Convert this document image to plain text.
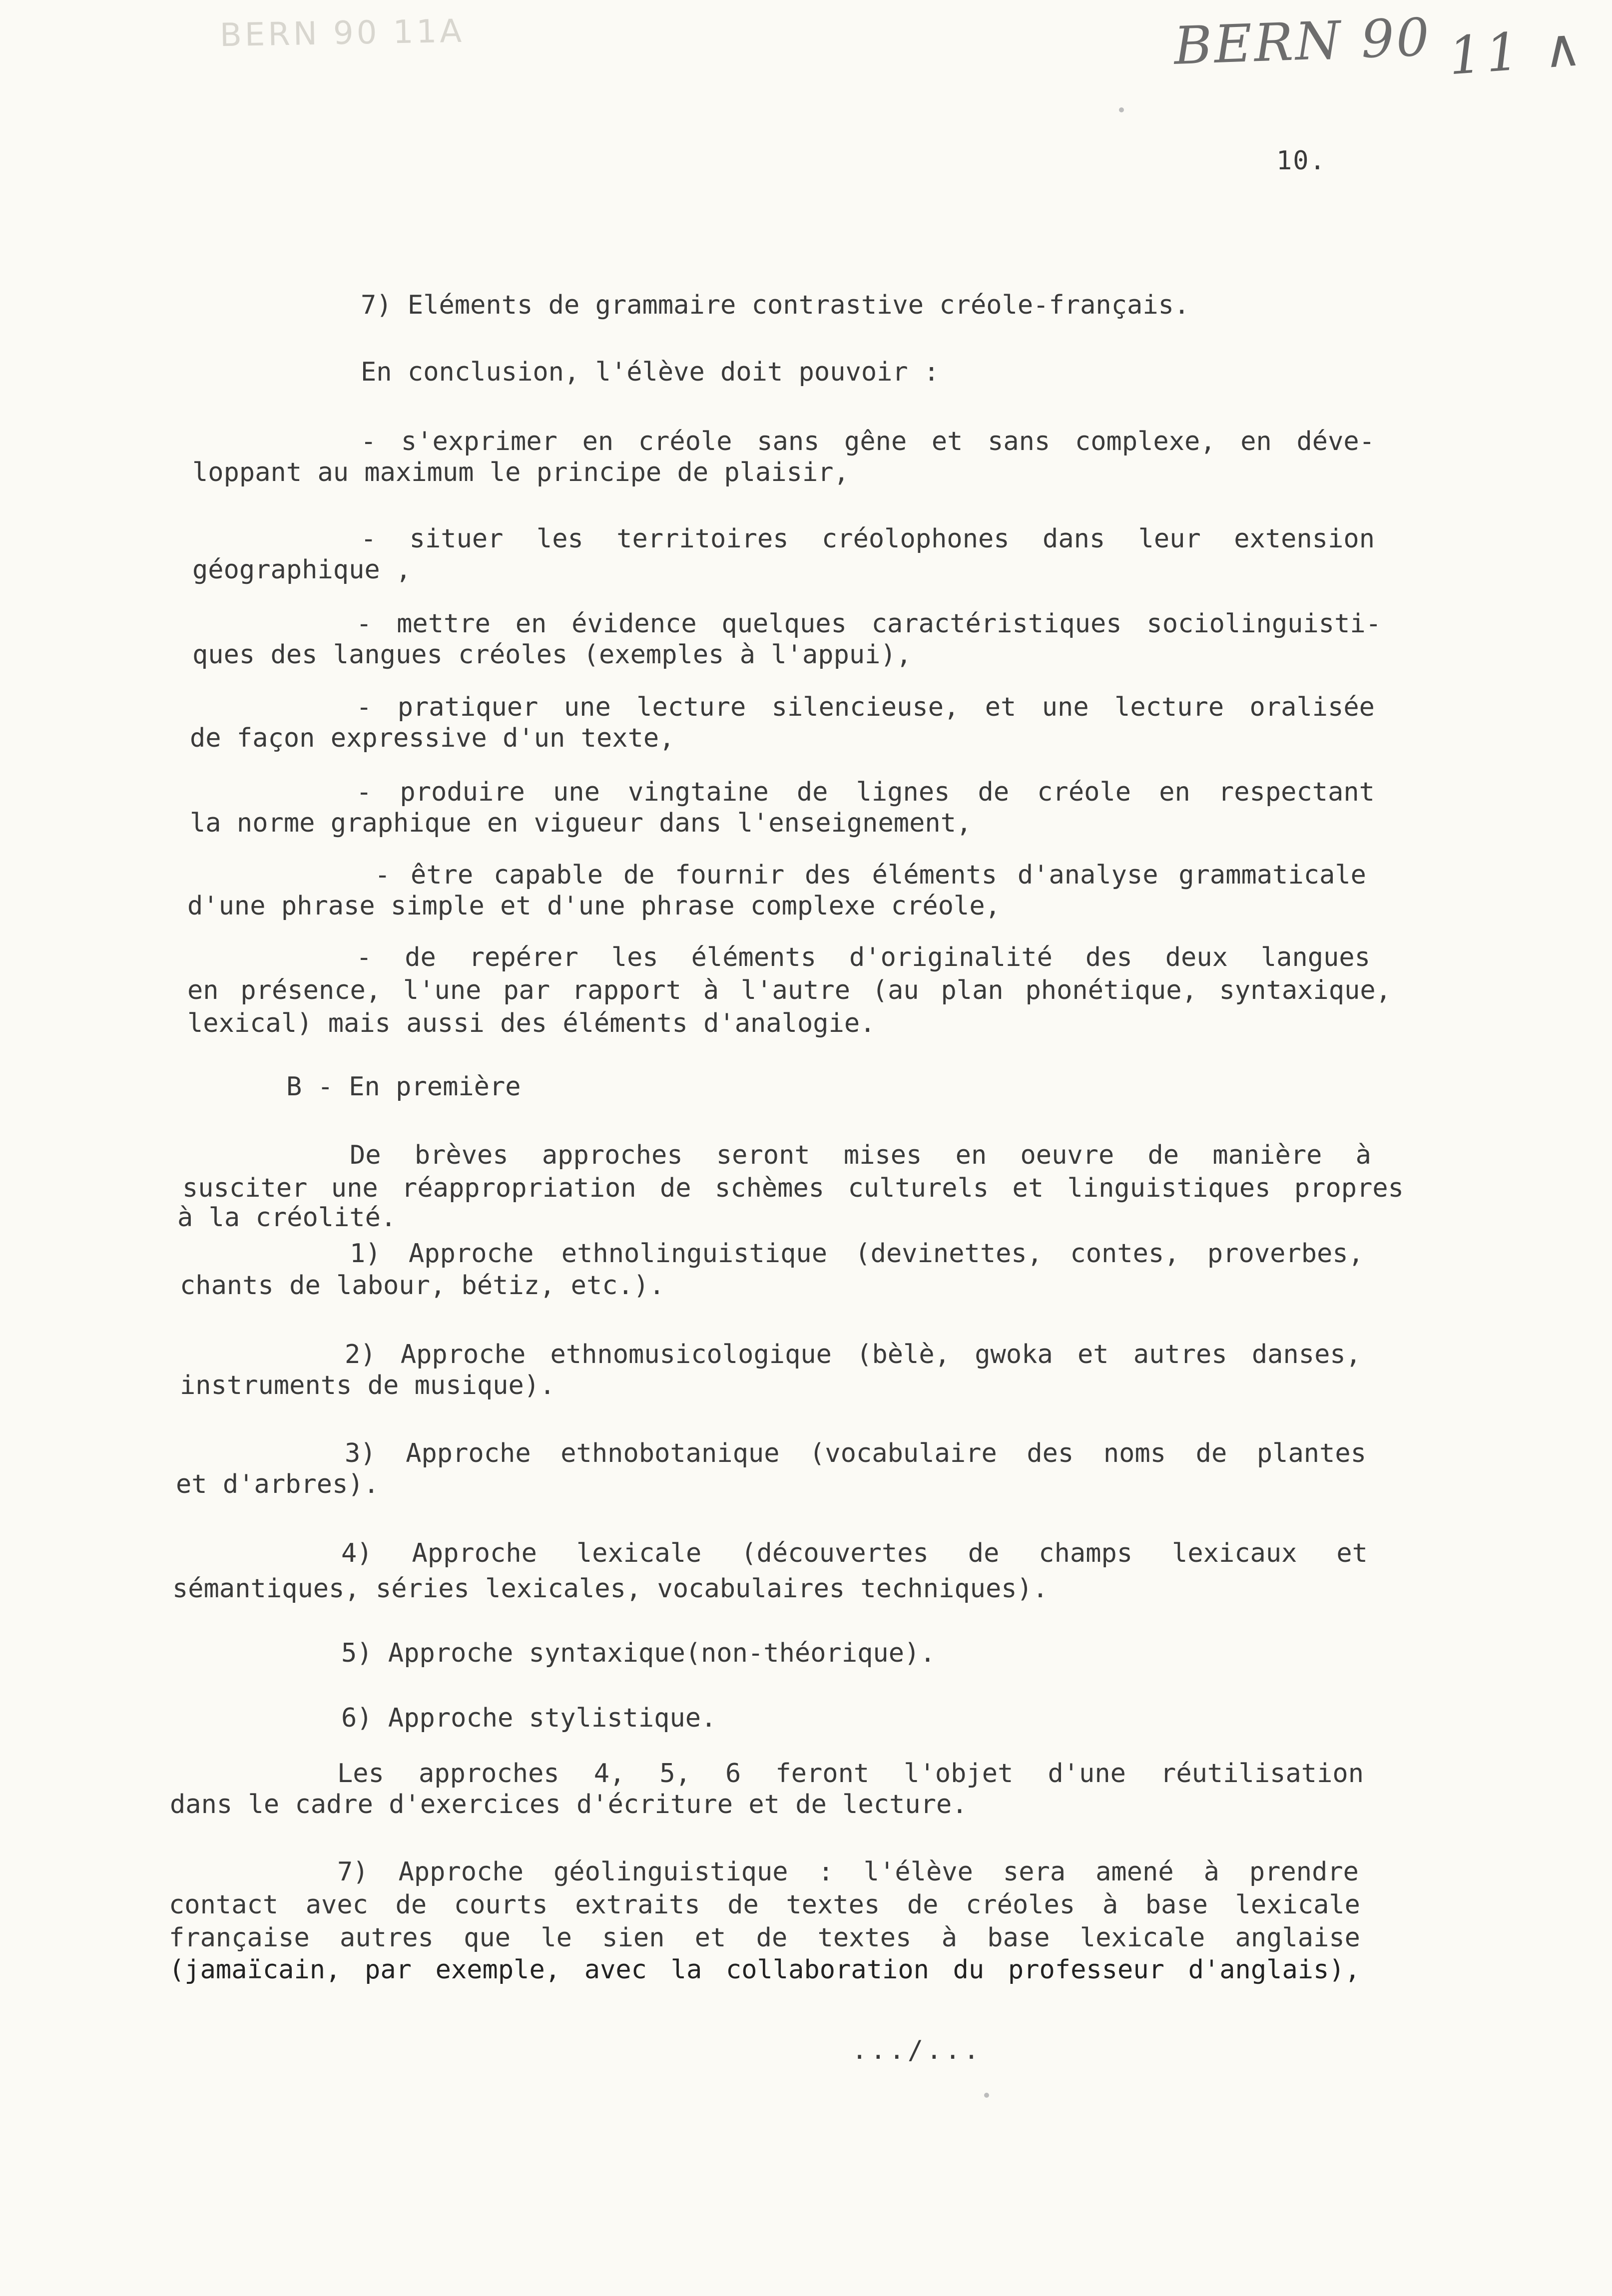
BERN 90 11A	BERN 90 11 ∧
10.
7) Eléments de grammaire contrastive créole-français.
En conclusion, l'élève doit pouvoir :
- s'exprimer en créole sans gêne et sans complexe, en déve-
loppant au maximum le principe de plaisir,
- situer les territoires créolophones dans leur extension
géographique ,
- mettre en évidence quelques caractéristiques sociolinguisti-
ques des langues créoles (exemples à l'appui),
- pratiquer une lecture silencieuse, et une lecture oralisée
de façon expressive d'un texte,
- produire une vingtaine de lignes de créole en respectant
la norme graphique en vigueur dans l'enseignement,
- être capable de fournir des éléments d'analyse grammaticale
d'une phrase simple et d'une phrase complexe créole,
- de repérer les éléments d'originalité des deux langues
en présence, l'une par rapport à l'autre (au plan phonétique, syntaxique,
lexical) mais aussi des éléments d'analogie.
B - En première
De brèves approches seront mises en oeuvre de manière à
susciter une réappropriation de schèmes culturels et linguistiques propres
à la créolité.
1) Approche ethnolinguistique (devinettes, contes, proverbes,
chants de labour, bétiz, etc.).
2) Approche ethnomusicologique (bèlè, gwoka et autres danses,
instruments de musique).
3) Approche ethnobotanique (vocabulaire des noms de plantes
et d'arbres).
4) Approche lexicale (découvertes de champs lexicaux et
sémantiques, séries lexicales, vocabulaires techniques).
5) Approche syntaxique(non-théorique).
6) Approche stylistique.
Les approches 4, 5, 6 feront l'objet d'une réutilisation
dans le cadre d'exercices d'écriture et de lecture.
7) Approche géolinguistique : l'élève sera amené à prendre
contact avec de courts extraits de textes de créoles à base lexicale
française autres que le sien et de textes à base lexicale anglaise
(jamaïcain, par exemple, avec la collaboration du professeur d'anglais),
.../...
